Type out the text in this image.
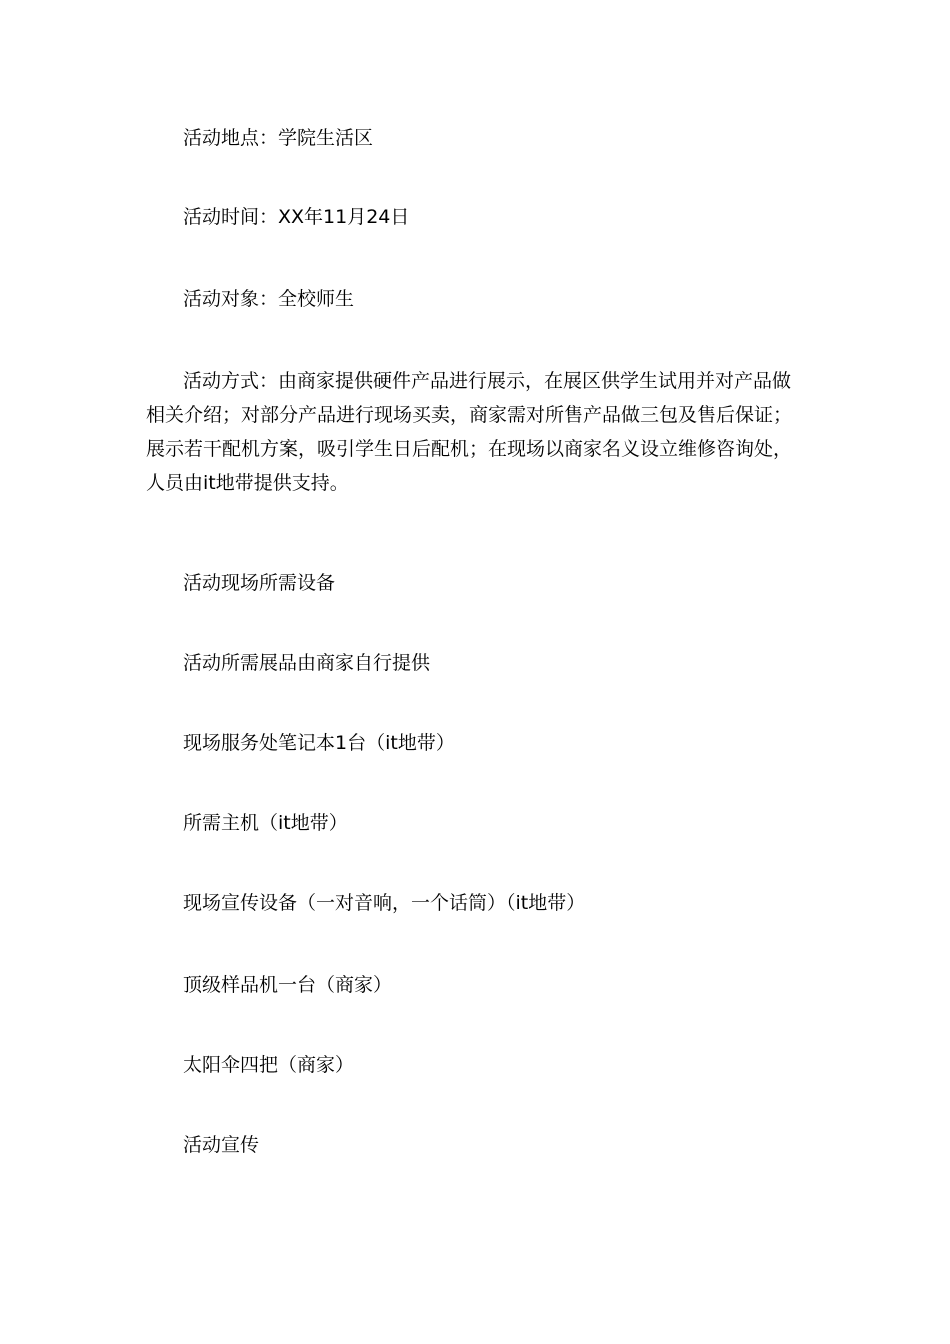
活动地点：学院生活区

活动时间：XX年11月24日

活动对象：全校师生

活动方式：由商家提供硬件产品进行展示，在展区供学生试用并对产品做相关介绍；对部分产品进行现场买卖，商家需对所售产品做三包及售后保证；展示若干配机方案，吸引学生日后配机；在现场以商家名义设立维修咨询处，人员由it地带提供支持。

活动现场所需设备

活动所需展品由商家自行提供

现场服务处笔记本1台（it地带）

所需主机（it地带）

现场宣传设备（一对音响，一个话筒）（it地带）

顶级样品机一台（商家）

太阳伞四把（商家）

活动宣传
